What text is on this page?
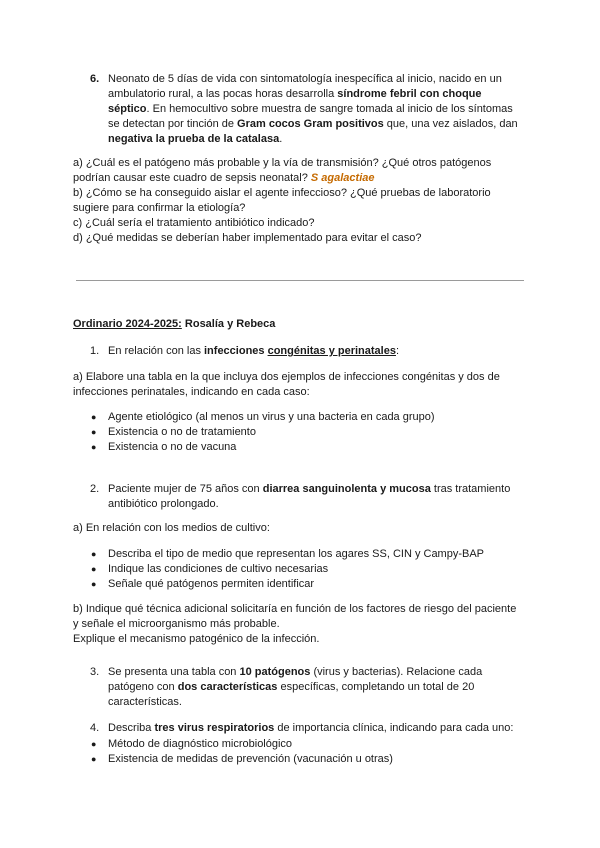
6. Neonato de 5 días de vida con sintomatología inespecífica al inicio, nacido en un
ambulatorio rural, a las pocas horas desarrolla síndrome febril con choque
séptico. En hemocultivo sobre muestra de sangre tomada al inicio de los síntomas
se detectan por tinción de Gram cocos Gram positivos que, una vez aislados, dan
negativa la prueba de la catalasa.
a) ¿Cuál es el patógeno más probable y la vía de transmisión? ¿Qué otros patógenos
podrían causar este cuadro de sepsis neonatal? S agalactiae
b) ¿Cómo se ha conseguido aislar el agente infeccioso? ¿Qué pruebas de laboratorio
sugiere para confirmar la etiología?
c) ¿Cuál sería el tratamiento antibiótico indicado?
d) ¿Qué medidas se deberían haber implementado para evitar el caso?
Ordinario 2024-2025: Rosalía y Rebeca
1. En relación con las infecciones congénitas y perinatales:
a) Elabore una tabla en la que incluya dos ejemplos de infecciones congénitas y dos de
infecciones perinatales, indicando en cada caso:
● Agente etiológico (al menos un virus y una bacteria en cada grupo)
● Existencia o no de tratamiento
● Existencia o no de vacuna
2. Paciente mujer de 75 años con diarrea sanguinolenta y mucosa tras tratamiento
antibiótico prolongado.
a) En relación con los medios de cultivo:
● Describa el tipo de medio que representan los agares SS, CIN y Campy-BAP
● Indique las condiciones de cultivo necesarias
● Señale qué patógenos permiten identificar
b) Indique qué técnica adicional solicitaría en función de los factores de riesgo del paciente
y señale el microorganismo más probable.
Explique el mecanismo patogénico de la infección.
3. Se presenta una tabla con 10 patógenos (virus y bacterias). Relacione cada
patógeno con dos características específicas, completando un total de 20
características.
4. Describa tres virus respiratorios de importancia clínica, indicando para cada uno:
● Método de diagnóstico microbiológico
● Existencia de medidas de prevención (vacunación u otras)
